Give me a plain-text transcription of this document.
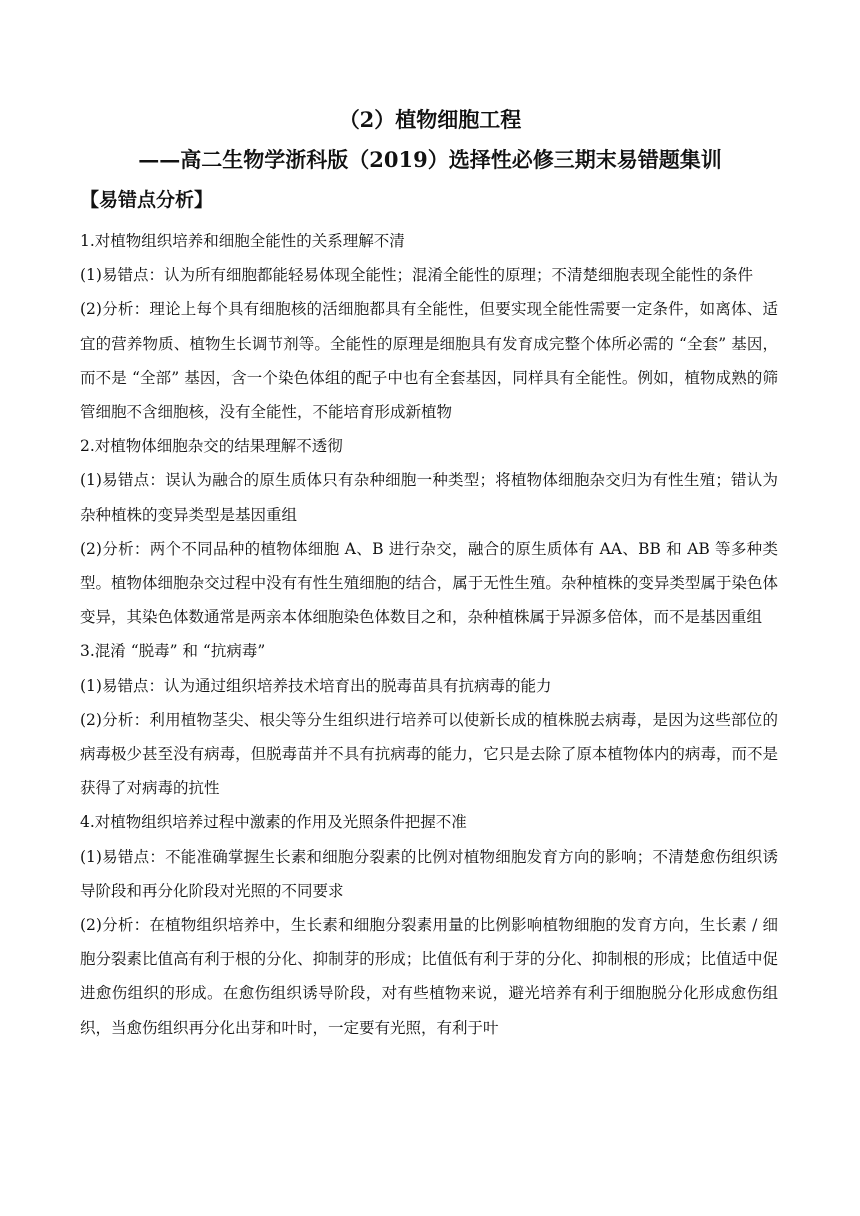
（2）植物细胞工程
——高二生物学浙科版（2019）选择性必修三期末易错题集训
【易错点分析】

1.对植物组织培养和细胞全能性的关系理解不清

(1)易错点：认为所有细胞都能轻易体现全能性；混淆全能性的原理；不清楚细胞表现全能性的条件

(2)分析：理论上每个具有细胞核的活细胞都具有全能性，但要实现全能性需要一定条件，如离体、适宜的营养物质、植物生长调节剂等。全能性的原理是细胞具有发育成完整个体所必需的 “全套” 基因，而不是 “全部” 基因，含一个染色体组的配子中也有全套基因，同样具有全能性。例如，植物成熟的筛管细胞不含细胞核，没有全能性，不能培育形成新植物

2.对植物体细胞杂交的结果理解不透彻

(1)易错点：误认为融合的原生质体只有杂种细胞一种类型；将植物体细胞杂交归为有性生殖；错认为杂种植株的变异类型是基因重组

(2)分析：两个不同品种的植物体细胞 A、B 进行杂交，融合的原生质体有 AA、BB 和 AB 等多种类型。植物体细胞杂交过程中没有有性生殖细胞的结合，属于无性生殖。杂种植株的变异类型属于染色体变异，其染色体数通常是两亲本体细胞染色体数目之和，杂种植株属于异源多倍体，而不是基因重组

3.混淆 “脱毒” 和 “抗病毒”

(1)易错点：认为通过组织培养技术培育出的脱毒苗具有抗病毒的能力

(2)分析：利用植物茎尖、根尖等分生组织进行培养可以使新长成的植株脱去病毒，是因为这些部位的病毒极少甚至没有病毒，但脱毒苗并不具有抗病毒的能力，它只是去除了原本植物体内的病毒，而不是获得了对病毒的抗性

4.对植物组织培养过程中激素的作用及光照条件把握不准

(1)易错点：不能准确掌握生长素和细胞分裂素的比例对植物细胞发育方向的影响；不清楚愈伤组织诱导阶段和再分化阶段对光照的不同要求

(2)分析：在植物组织培养中，生长素和细胞分裂素用量的比例影响植物细胞的发育方向，生长素 / 细胞分裂素比值高有利于根的分化、抑制芽的形成；比值低有利于芽的分化、抑制根的形成；比值适中促进愈伤组织的形成。在愈伤组织诱导阶段，对有些植物来说，避光培养有利于细胞脱分化形成愈伤组织，当愈伤组织再分化出芽和叶时，一定要有光照，有利于叶
